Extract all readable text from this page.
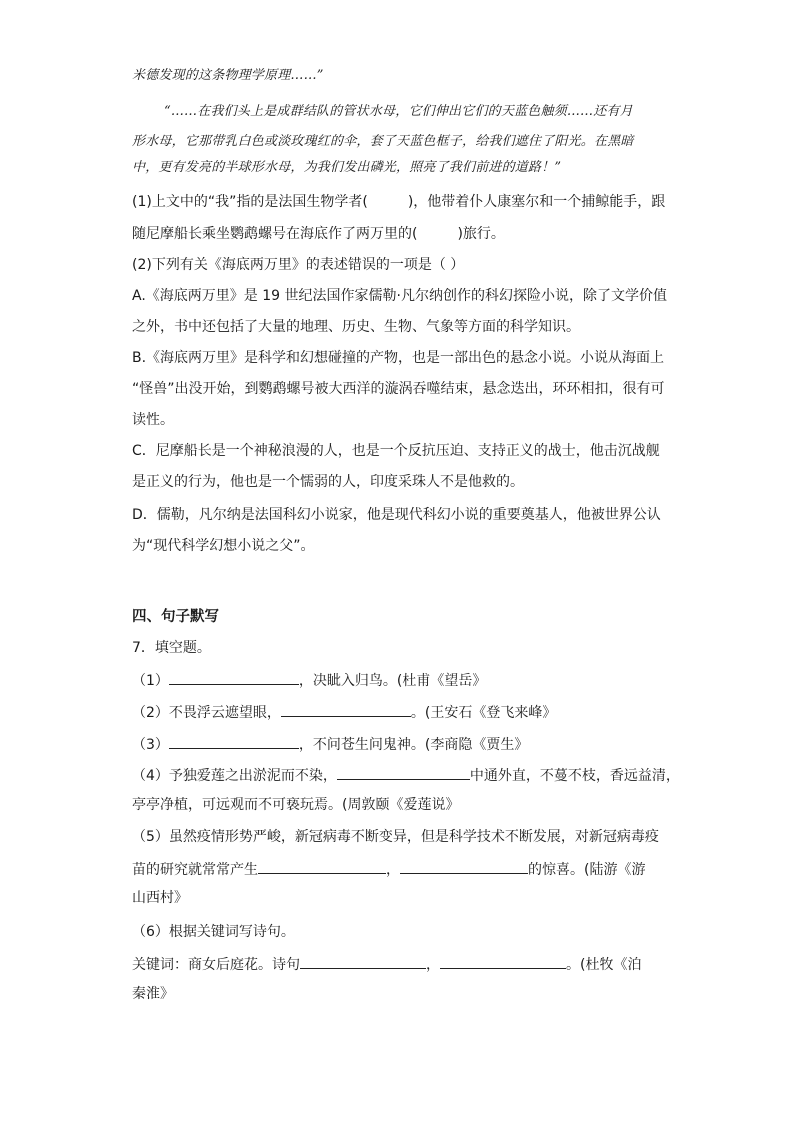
米德发现的这条物理学原理……”
“……在我们头上是成群结队的管状水母，它们伸出它们的天蓝色触须……还有月
形水母，它那带乳白色或淡玫瑰红的伞，套了天蓝色框子，给我们遮住了阳光。在黑暗
中，更有发亮的半球形水母，为我们发出磷光，照亮了我们前进的道路！”
(1)上文中的“我”指的是法国生物学者(	)，他带着仆人康塞尔和一个捕鲸能手，跟
随尼摩船长乘坐鹦鹉螺号在海底作了两万里的(	)旅行。
(2)下列有关《海底两万里》的表述错误的一项是（ ）
A.《海底两万里》是 19 世纪法国作家儒勒·凡尔纳创作的科幻探险小说，除了文学价值
之外，书中还包括了大量的地理、历史、生物、气象等方面的科学知识。
B.《海底两万里》是科学和幻想碰撞的产物，也是一部出色的悬念小说。小说从海面上
“怪兽”出没开始，到鹦鹉螺号被大西洋的漩涡吞噬结束，悬念迭出，环环相扣，很有可
读性。
C．尼摩船长是一个神秘浪漫的人，也是一个反抗压迫、支持正义的战士，他击沉战舰
是正义的行为，他也是一个懦弱的人，印度采珠人不是他救的。
D．儒勒，凡尔纳是法国科幻小说家，他是现代科幻小说的重要奠基人，他被世界公认
为“现代科学幻想小说之父”。
四、句子默写
7．填空题。
（1）	，决眦入归鸟。(杜甫《望岳》
（2）不畏浮云遮望眼，	。(王安石《登飞来峰》
（3）	，不问苍生问鬼神。(李商隐《贾生》
（4）予独爱莲之出淤泥而不染，	中通外直，不蔓不枝，香远益清，
亭亭净植，可远观而不可亵玩焉。(周敦颐《爱莲说》
（5）虽然疫情形势严峻，新冠病毒不断变异，但是科学技术不断发展，对新冠病毒疫
苗的研究就常常产生	，	的惊喜。(陆游《游
山西村》
（6）根据关键词写诗句。
关键词：商女后庭花。诗句	，	。(杜牧《泊
秦淮》
